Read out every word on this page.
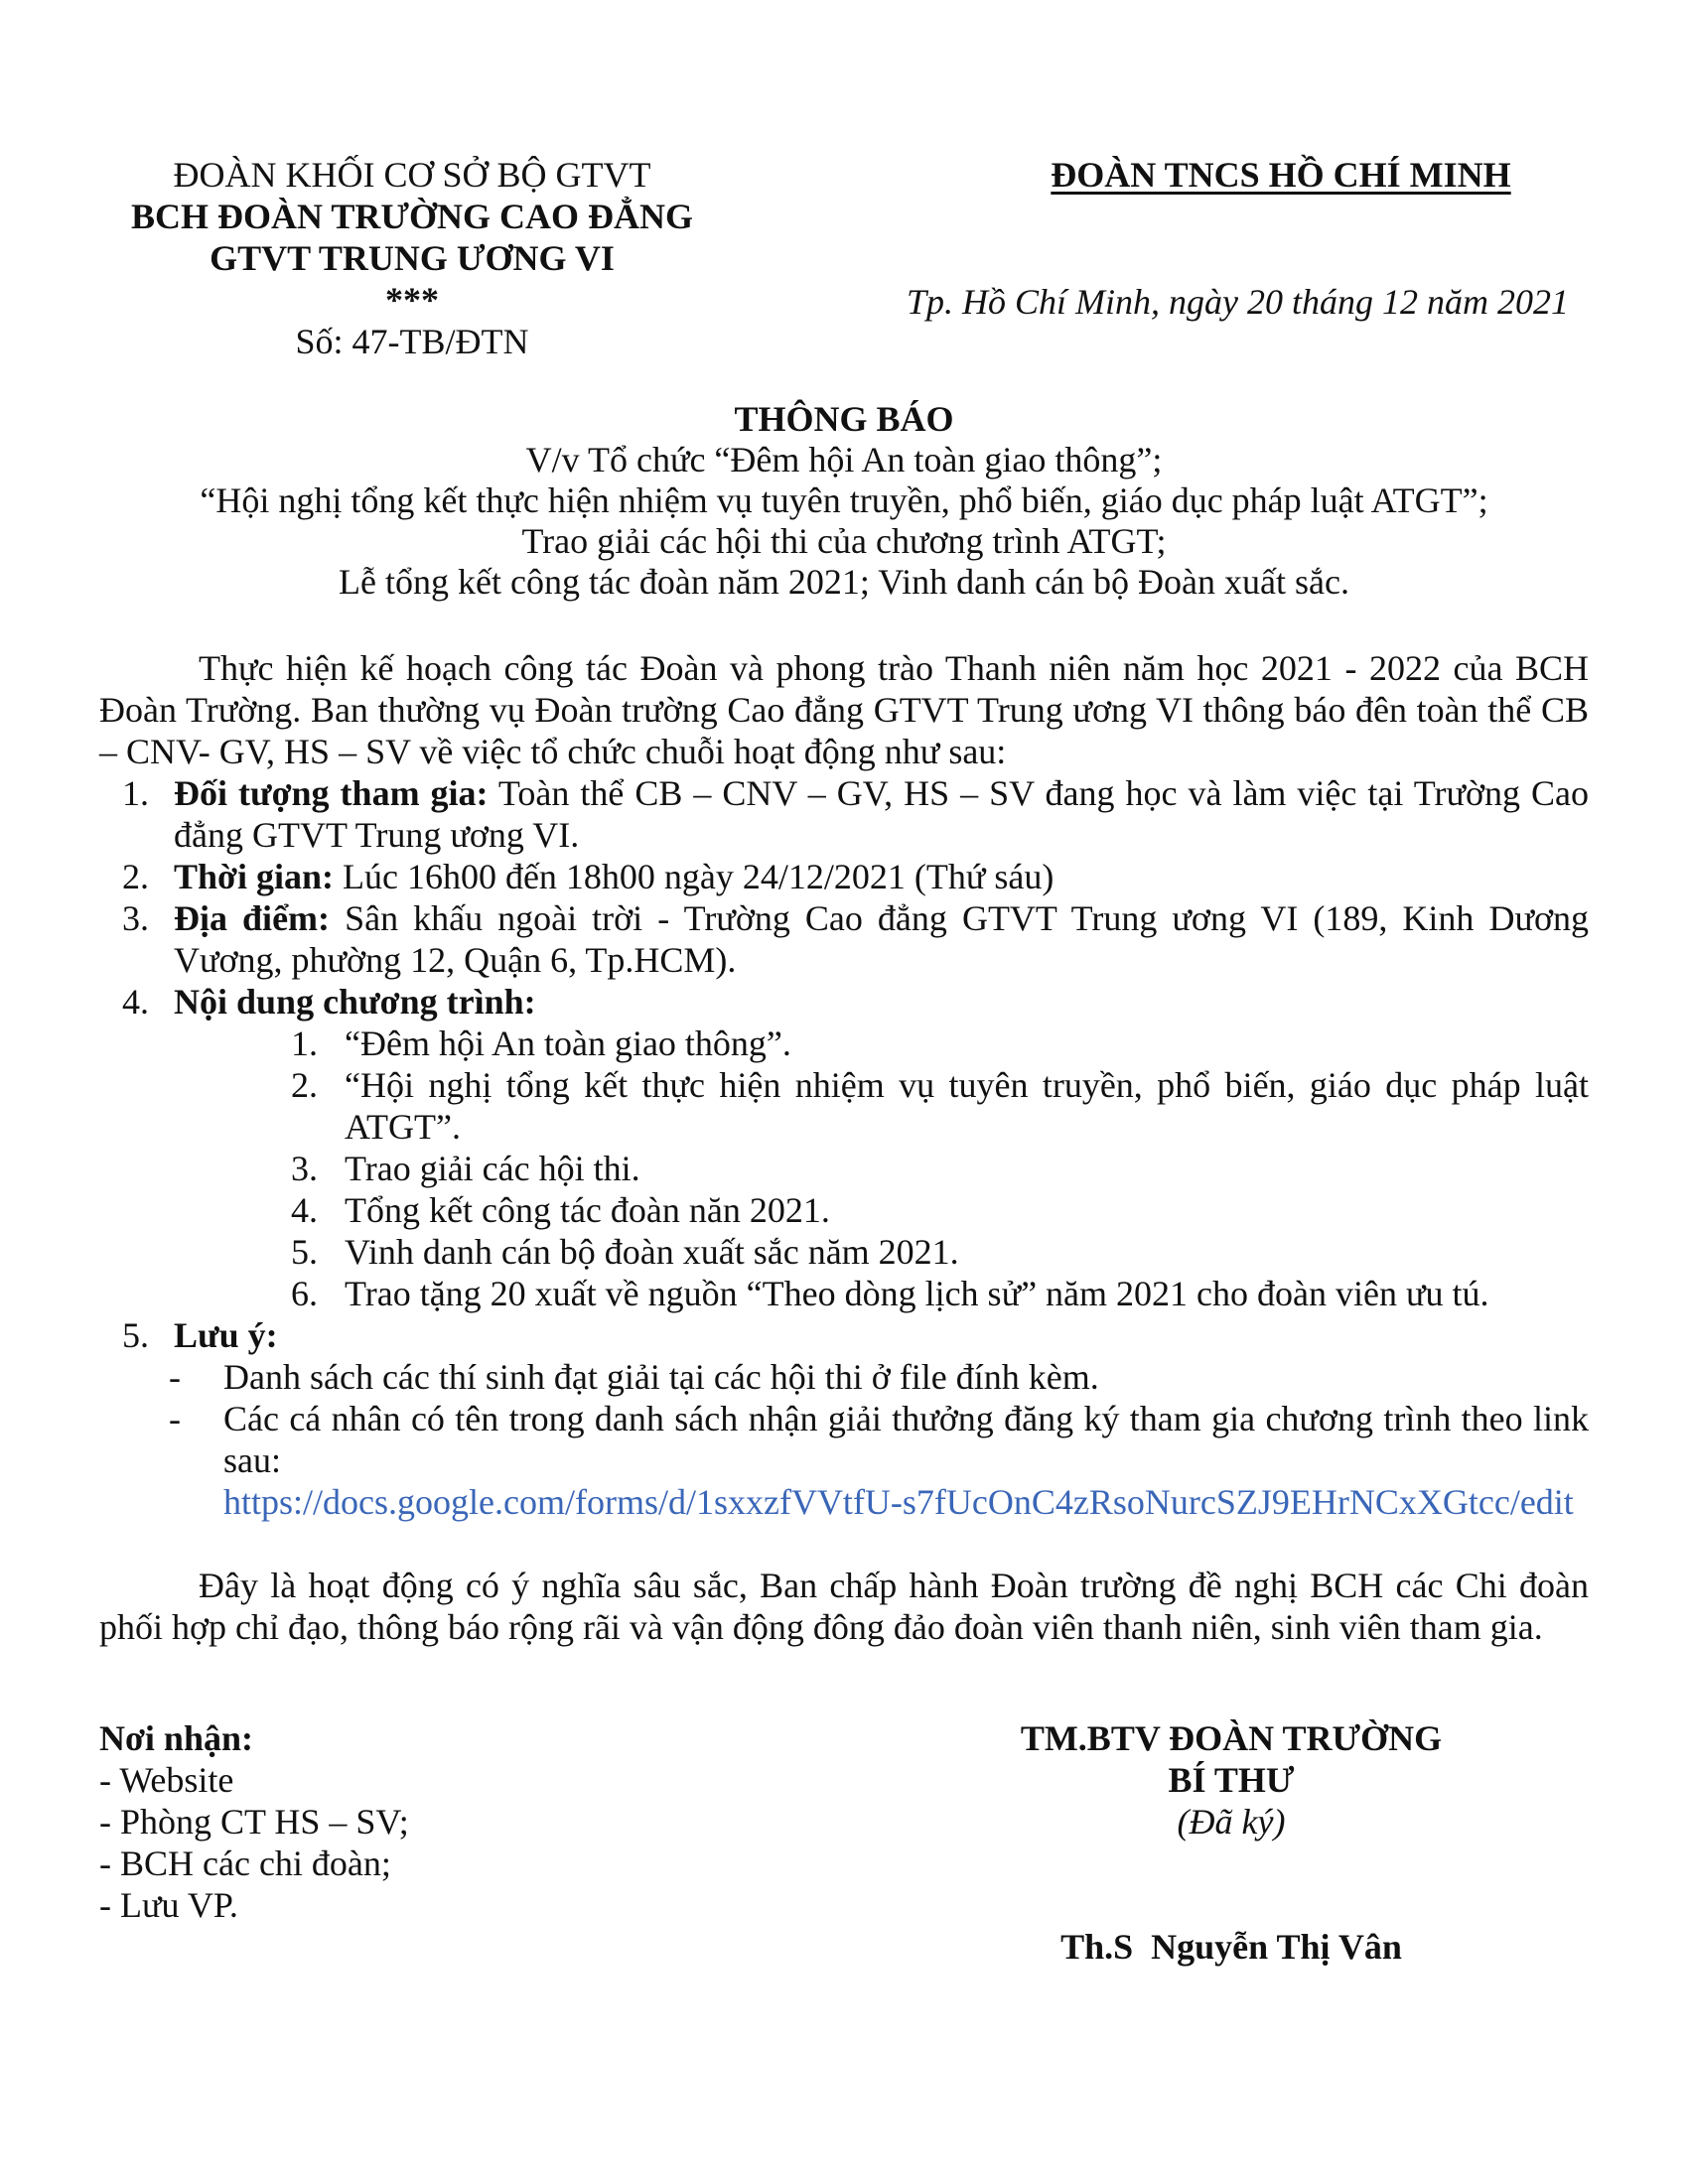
ĐOÀN KHỐI CƠ SỞ BỘ GTVT
BCH ĐOÀN TRƯỜNG CAO ĐẲNG
GTVT TRUNG ƯƠNG VI
***
Số: 47-TB/ĐTN
ĐOÀN TNCS HỒ CHÍ MINH
Tp. Hồ Chí Minh, ngày 20 tháng 12 năm 2021
THÔNG BÁO
V/v Tổ chức “Đêm hội An toàn giao thông”;
“Hội nghị tổng kết thực hiện nhiệm vụ tuyên truyền, phổ biến, giáo dục pháp luật ATGT”;
Trao giải các hội thi của chương trình ATGT;
Lễ tổng kết công tác đoàn năm 2021; Vinh danh cán bộ Đoàn xuất sắc.
Thực hiện kế hoạch công tác Đoàn và phong trào Thanh niên năm học 2021 - 2022 của BCH Đoàn Trường. Ban thường vụ Đoàn trường Cao đẳng GTVT Trung ương VI thông báo đên toàn thể CB – CNV- GV, HS – SV về việc tổ chức chuỗi hoạt động như sau:
1. Đối tượng tham gia: Toàn thể CB – CNV – GV, HS – SV đang học và làm việc tại Trường Cao đẳng GTVT Trung ương VI.
2. Thời gian: Lúc 16h00 đến 18h00 ngày 24/12/2021 (Thứ sáu)
3. Địa điểm: Sân khấu ngoài trời - Trường Cao đẳng GTVT Trung ương VI (189, Kinh Dương Vương, phường 12, Quận 6, Tp.HCM).
4. Nội dung chương trình:
1. “Đêm hội An toàn giao thông”.
2. “Hội nghị tổng kết thực hiện nhiệm vụ tuyên truyền, phổ biến, giáo dục pháp luật ATGT”.
3. Trao giải các hội thi.
4. Tổng kết công tác đoàn năn 2021.
5. Vinh danh cán bộ đoàn xuất sắc năm 2021.
6. Trao tặng 20 xuất về nguồn “Theo dòng lịch sử” năm 2021 cho đoàn viên ưu tú.
5. Lưu ý:
- Danh sách các thí sinh đạt giải tại các hội thi ở file đính kèm.
- Các cá nhân có tên trong danh sách nhận giải thưởng đăng ký tham gia chương trình theo link sau:
https://docs.google.com/forms/d/1sxxzfVVtfU-s7fUcOnC4zRsoNurcSZJ9EHrNCxXGtcc/edit
Đây là hoạt động có ý nghĩa sâu sắc, Ban chấp hành Đoàn trường đề nghị BCH các Chi đoàn phối hợp chỉ đạo, thông báo rộng rãi và vận động đông đảo đoàn viên thanh niên, sinh viên tham gia.
Nơi nhận:
- Website
- Phòng CT HS – SV;
- BCH các chi đoàn;
- Lưu VP.
TM.BTV ĐOÀN TRƯỜNG
BÍ THƯ
(Đã ký)
Th.S  Nguyễn Thị Vân
